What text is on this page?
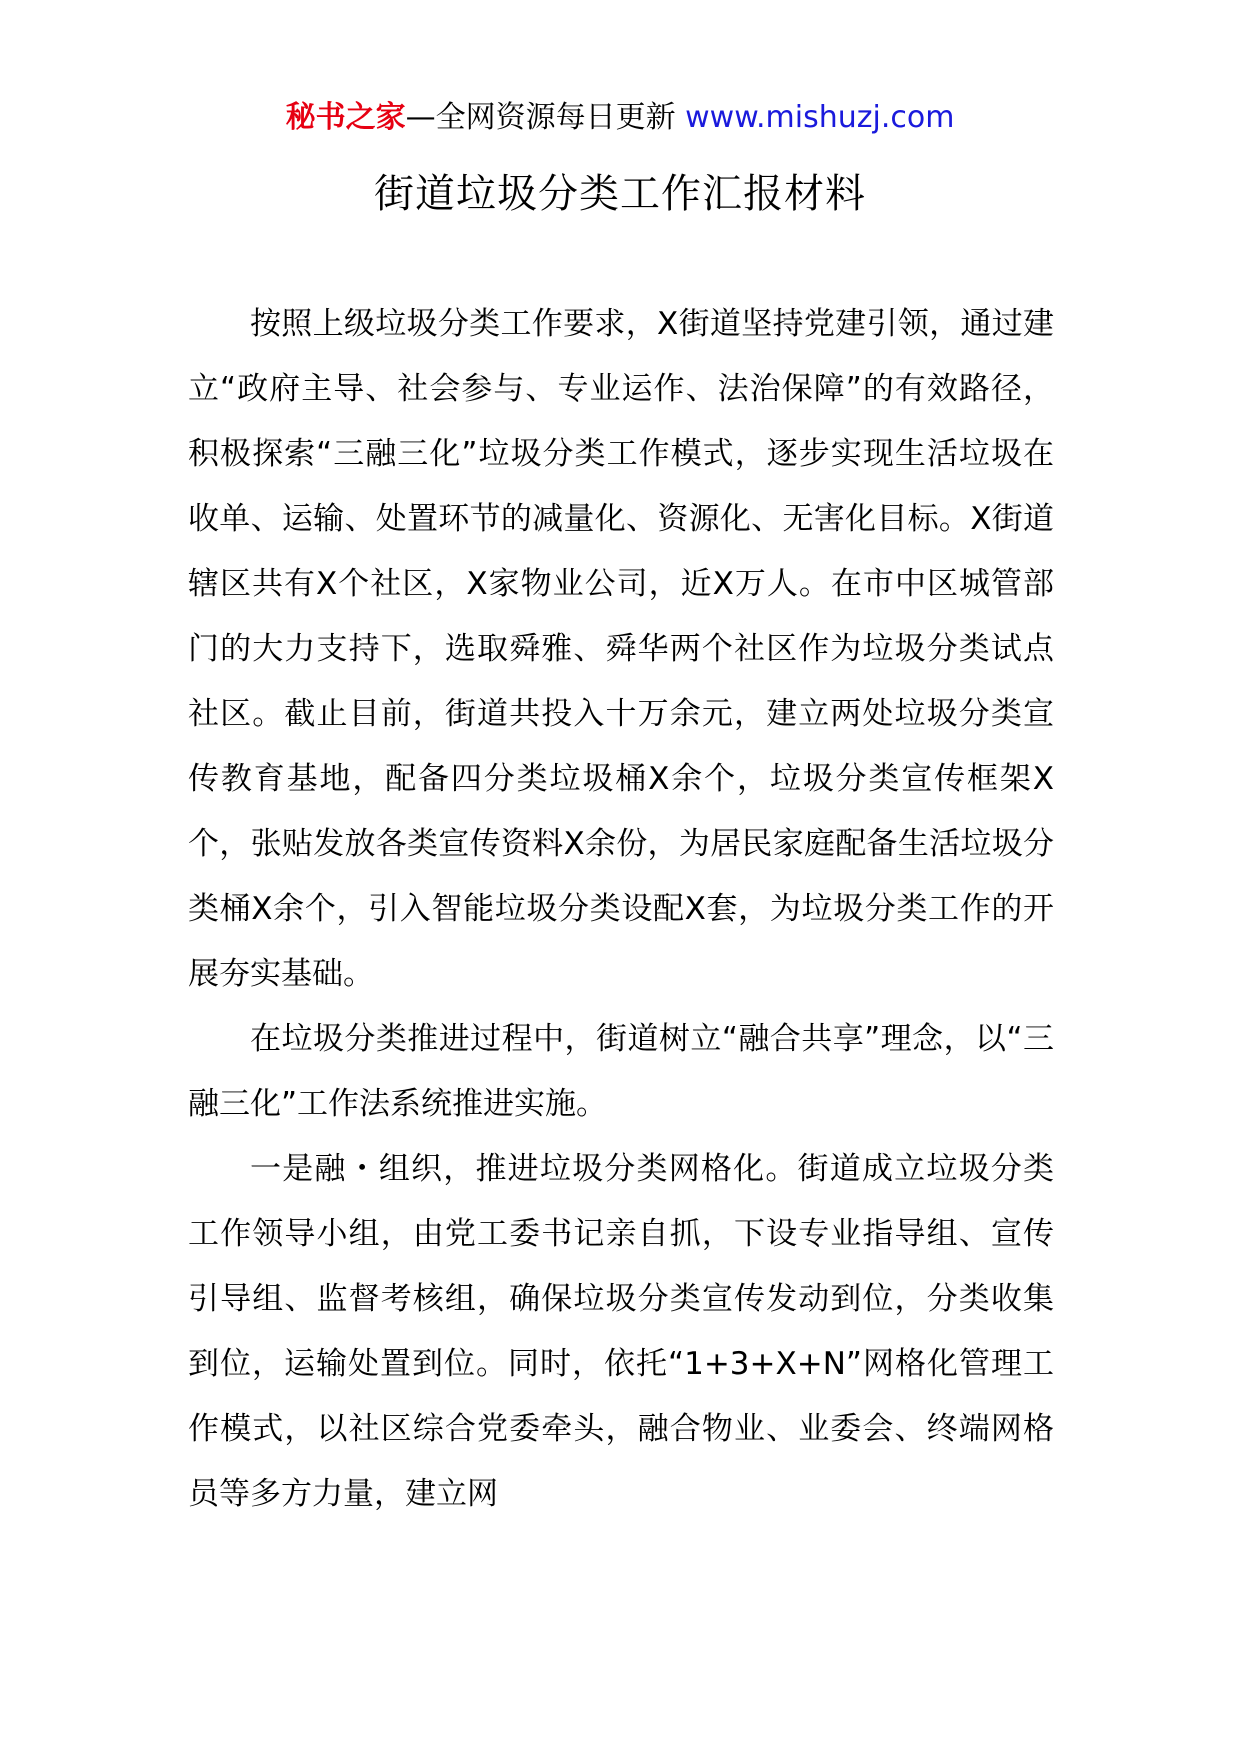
秘书之家—全网资源每日更新 www.mishuzj.com
街道垃圾分类工作汇报材料

按照上级垃圾分类工作要求，X街道坚持党建引领，通过建立“政府主导、社会参与、专业运作、法治保障”的有效路径，积极探索“三融三化”垃圾分类工作模式，逐步实现生活垃圾在收单、运输、处置环节的减量化、资源化、无害化目标。X街道辖区共有X个社区，X家物业公司，近X万人。在市中区城管部门的大力支持下，选取舜雅、舜华两个社区作为垃圾分类试点社区。截止目前，街道共投入十万余元，建立两处垃圾分类宣传教育基地，配备四分类垃圾桶X余个，垃圾分类宣传框架X个，张贴发放各类宣传资料X余份，为居民家庭配备生活垃圾分类桶X余个，引入智能垃圾分类设配X套，为垃圾分类工作的开展夯实基础。

在垃圾分类推进过程中，街道树立“融合共享”理念，以“三融三化”工作法系统推进实施。

一是融・组织，推进垃圾分类网格化。街道成立垃圾分类工作领导小组，由党工委书记亲自抓，下设专业指导组、宣传引导组、监督考核组，确保垃圾分类宣传发动到位，分类收集到位，运输处置到位。同时，依托“1+3+X+N”网格化管理工作模式，以社区综合党委牵头，融合物业、业委会、终端网格员等多方力量，建立网
